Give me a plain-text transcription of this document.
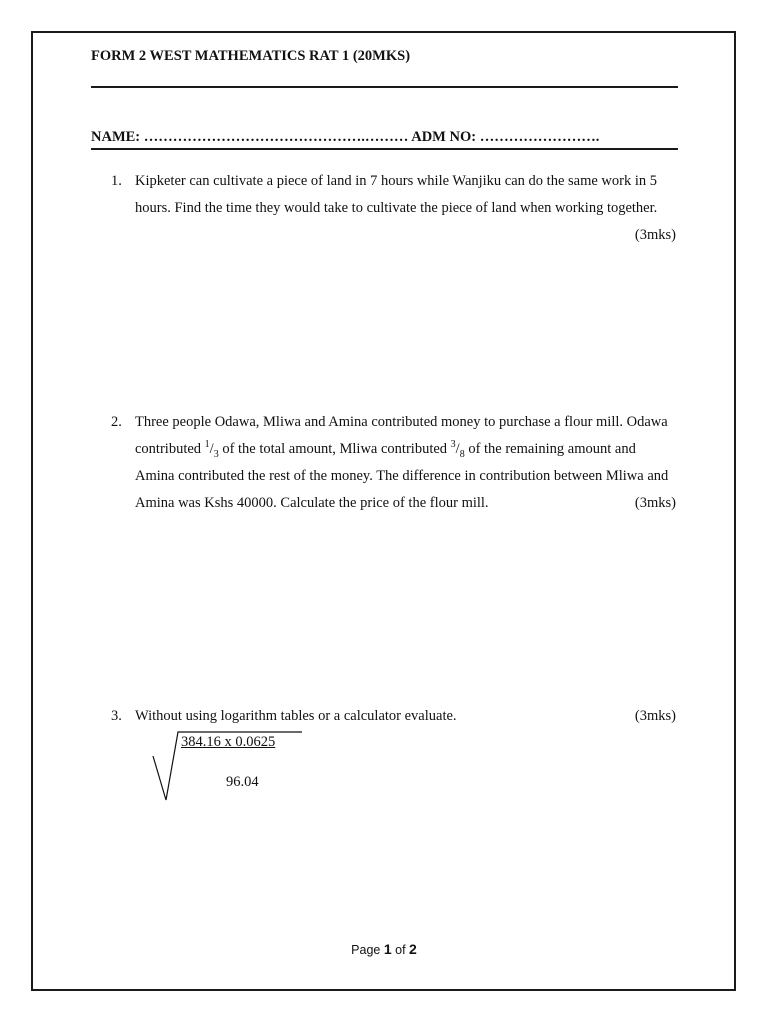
FORM 2 WEST MATHEMATICS RAT 1 (20MKS)
NAME: ……………………………………….……… ADM NO: …………………….
1. Kipketer can cultivate a piece of land in 7 hours while Wanjiku can do the same work in 5 hours. Find the time they would take to cultivate the piece of land when working together.
(3mks)
2. Three people Odawa, Mliwa and Amina contributed money to purchase a flour mill. Odawa contributed $^1/_3$ of the total amount, Mliwa contributed $^3/_8$ of the remaining amount and Amina contributed the rest of the money. The difference in contribution between Mliwa and Amina was Kshs 40000. Calculate the price of the flour mill.	(3mks)
3. Without using logarithm tables or a calculator evaluate.	(3mks)
384.16 x 0.0625
96.04
Page 1 of 2
